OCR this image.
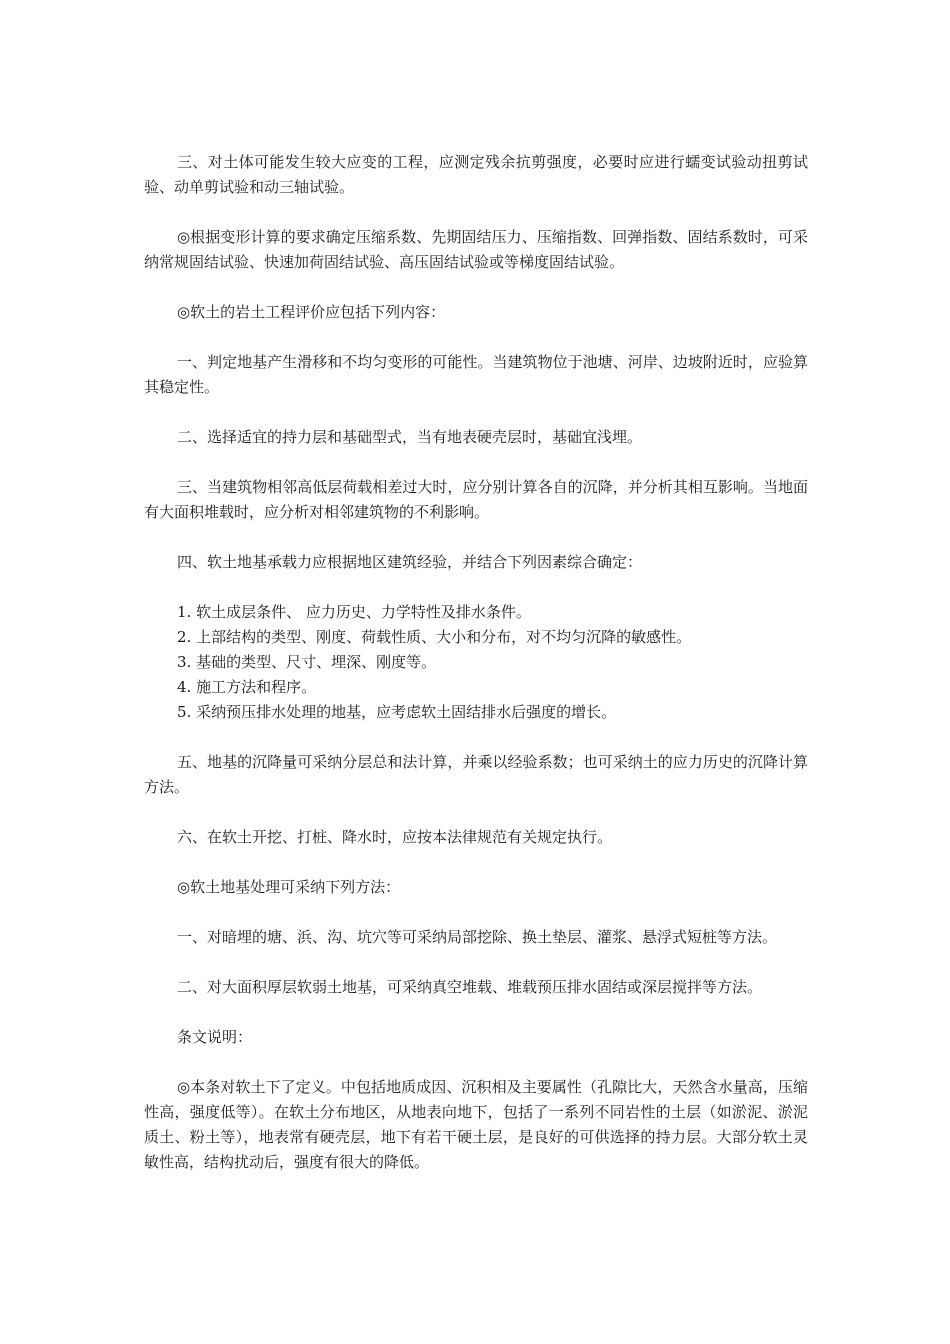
三、对土体可能发生较大应变的工程，应测定残余抗剪强度，必要时应进行蠕变试验动扭剪试验、动单剪试验和动三轴试验。

◎根据变形计算的要求确定压缩系数、先期固结压力、压缩指数、回弹指数、固结系数时，可采纳常规固结试验、快速加荷固结试验、高压固结试验或等梯度固结试验。

◎软土的岩土工程评价应包括下列内容：

一、判定地基产生滑移和不均匀变形的可能性。当建筑物位于池塘、河岸、边坡附近时，应验算其稳定性。

二、选择适宜的持力层和基础型式，当有地表硬壳层时，基础宜浅埋。

三、当建筑物相邻高低层荷载相差过大时，应分别计算各自的沉降，并分析其相互影响。当地面有大面积堆载时，应分析对相邻建筑物的不利影响。

四、软土地基承载力应根据地区建筑经验，并结合下列因素综合确定：

1. 软土成层条件、 应力历史、力学特性及排水条件。

2. 上部结构的类型、刚度、荷载性质、大小和分布，对不均匀沉降的敏感性。

3. 基础的类型、尺寸、埋深、刚度等。

4. 施工方法和程序。

5. 采纳预压排水处理的地基，应考虑软土固结排水后强度的增长。

五、地基的沉降量可采纳分层总和法计算，并乘以经验系数；也可采纳土的应力历史的沉降计算方法。

六、在软土开挖、打桩、降水时，应按本法律规范有关规定执行。

◎软土地基处理可采纳下列方法：

一、对暗埋的塘、浜、沟、坑穴等可采纳局部挖除、换土垫层、灌浆、悬浮式短桩等方法。

二、对大面积厚层软弱土地基，可采纳真空堆载、堆载预压排水固结或深层搅拌等方法。

条文说明：

◎本条对软土下了定义。中包括地质成因、沉积相及主要属性（孔隙比大，天然含水量高，压缩性高，强度低等）。在软土分布地区，从地表向地下，包括了一系列不同岩性的土层（如淤泥、淤泥质土、粉土等），地表常有硬壳层，地下有若干硬土层，是良好的可供选择的持力层。大部分软土灵敏性高，结构扰动后，强度有很大的降低。
